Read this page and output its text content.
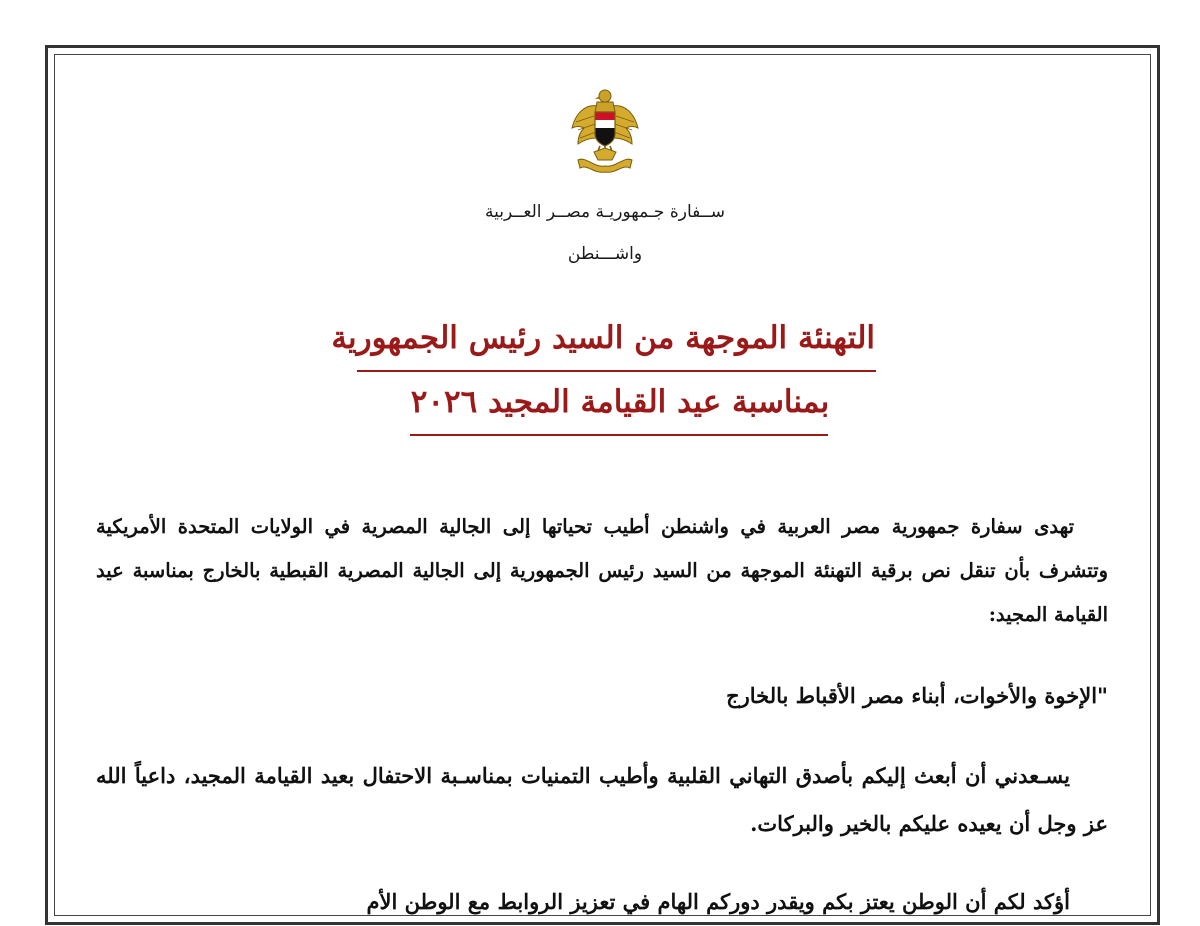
ســفارة جـمهوريـة مصــر العــربية
واشـــنطن
التهنئة الموجهة من السيد رئيس الجمهورية
بمناسبة عيد القيامة المجيد ٢٠٢٦
تهدى سفارة جمهورية مصر العربية في واشنطن أطيب تحياتها إلى الجالية المصرية في الولايات المتحدة الأمريكية وتتشرف بأن تنقل نص برقية التهنئة الموجهة من السيد رئيس الجمهورية إلى الجالية المصرية القبطية بالخارج بمناسبة عيد القيامة المجيد:
"الإخوة والأخوات، أبناء مصر الأقباط بالخارج
يسـعدني أن أبعث إليكم بأصدق التهاني القلبية وأطيب التمنيات بمناسـبة الاحتفال بعيد القيامة المجيد، داعياً الله عز وجل أن يعيده عليكم بالخير والبركات.
أؤكد لكم أن الوطن يعتز بكم ويقدر دوركم الهام في تعزيز الروابط مع الوطن الأم
